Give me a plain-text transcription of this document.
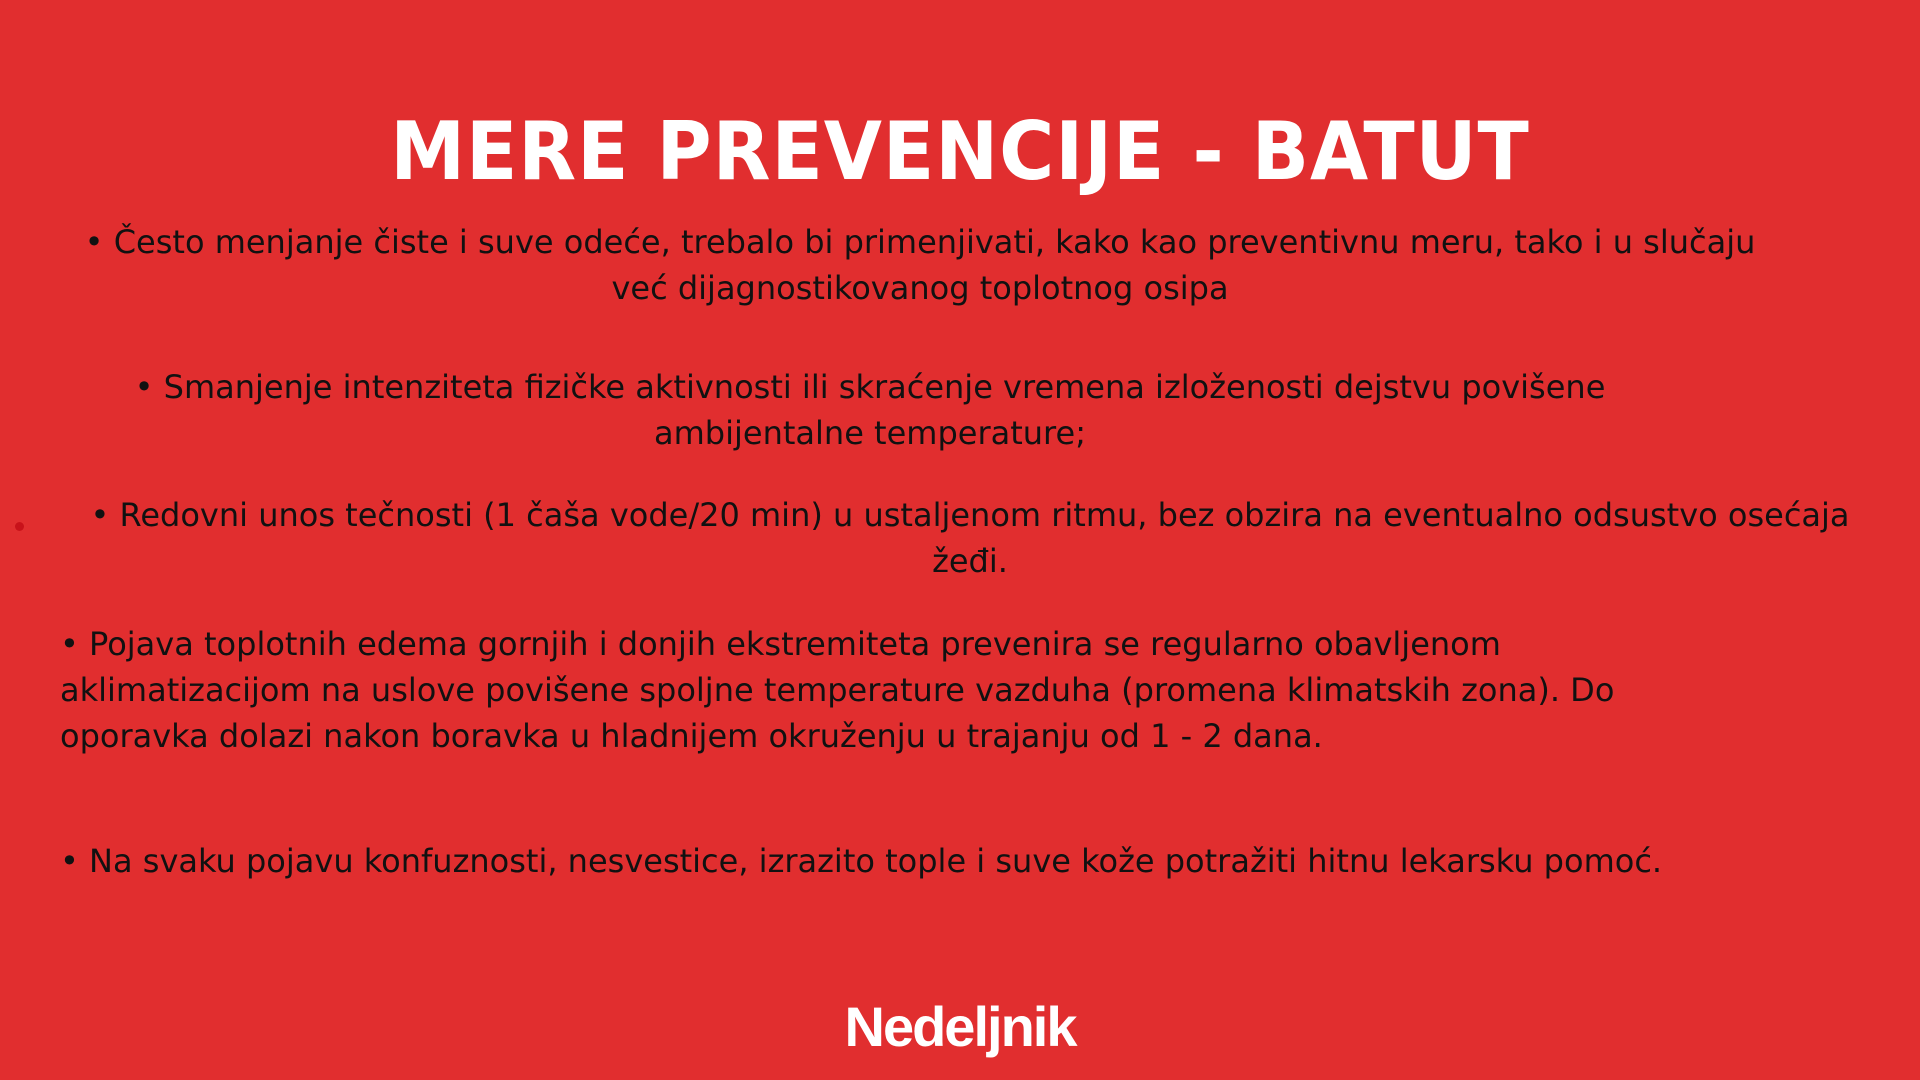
MERE PREVENCIJE - BATUT

• Često menjanje čiste i suve odeće, trebalo bi primenjivati, kako kao preventivnu meru, tako i u slučaju već dijagnostikovanog toplotnog osipa

• Smanjenje intenziteta fizičke aktivnosti ili skraćenje vremena izloženosti dejstvu povišene ambijentalne temperature;

• Redovni unos tečnosti (1 čaša vode/20 min) u ustaljenom ritmu, bez obzira na eventualno odsustvo osećaja žeđi.

• Pojava toplotnih edema gornjih i donjih ekstremiteta prevenira se regularno obavljenom aklimatizacijom na uslove povišene spoljne temperature vazduha (promena klimatskih zona). Do oporavka dolazi nakon boravka u hladnijem okruženju u trajanju od 1 - 2 dana.

• Na svaku pojavu konfuznosti, nesvestice, izrazito tople i suve kože potražiti hitnu lekarsku pomoć.

Nedeljnik
